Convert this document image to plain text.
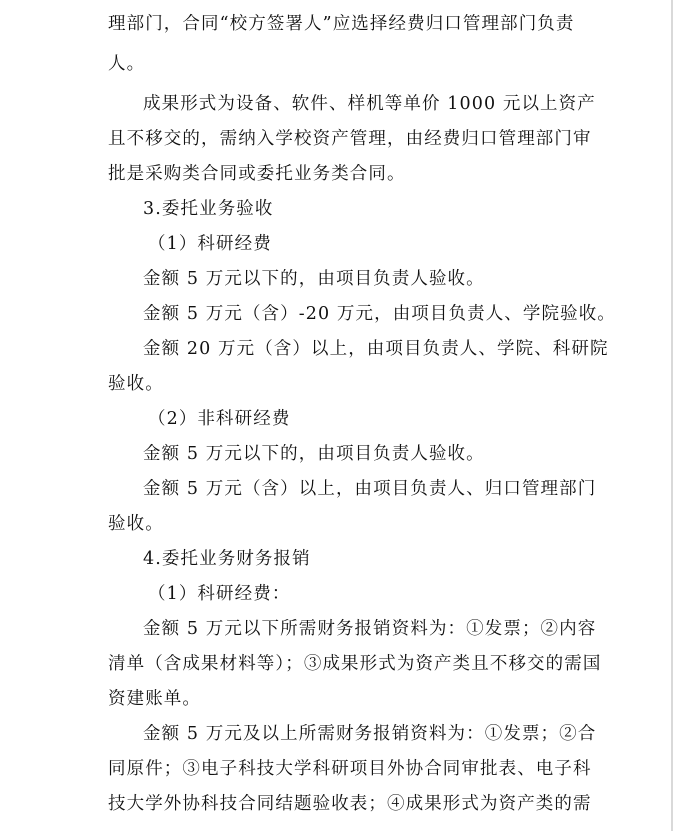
理部门，合同“校方签署人”应选择经费归口管理部门负责
人。
成果形式为设备、软件、样机等单价 1000 元以上资产
且不移交的，需纳入学校资产管理，由经费归口管理部门审
批是采购类合同或委托业务类合同。
3.委托业务验收
（1）科研经费
金额 5 万元以下的，由项目负责人验收。
金额 5 万元（含）-20 万元，由项目负责人、学院验收。
金额 20 万元（含）以上，由项目负责人、学院、科研院
验收。
（2）非科研经费
金额 5 万元以下的，由项目负责人验收。
金额 5 万元（含）以上，由项目负责人、归口管理部门
验收。
4.委托业务财务报销
（1）科研经费：
金额 5 万元以下所需财务报销资料为：①发票；②内容
清单（含成果材料等）；③成果形式为资产类且不移交的需国
资建账单。
金额 5 万元及以上所需财务报销资料为：①发票；②合
同原件；③电子科技大学科研项目外协合同审批表、电子科
技大学外协科技合同结题验收表；④成果形式为资产类的需
